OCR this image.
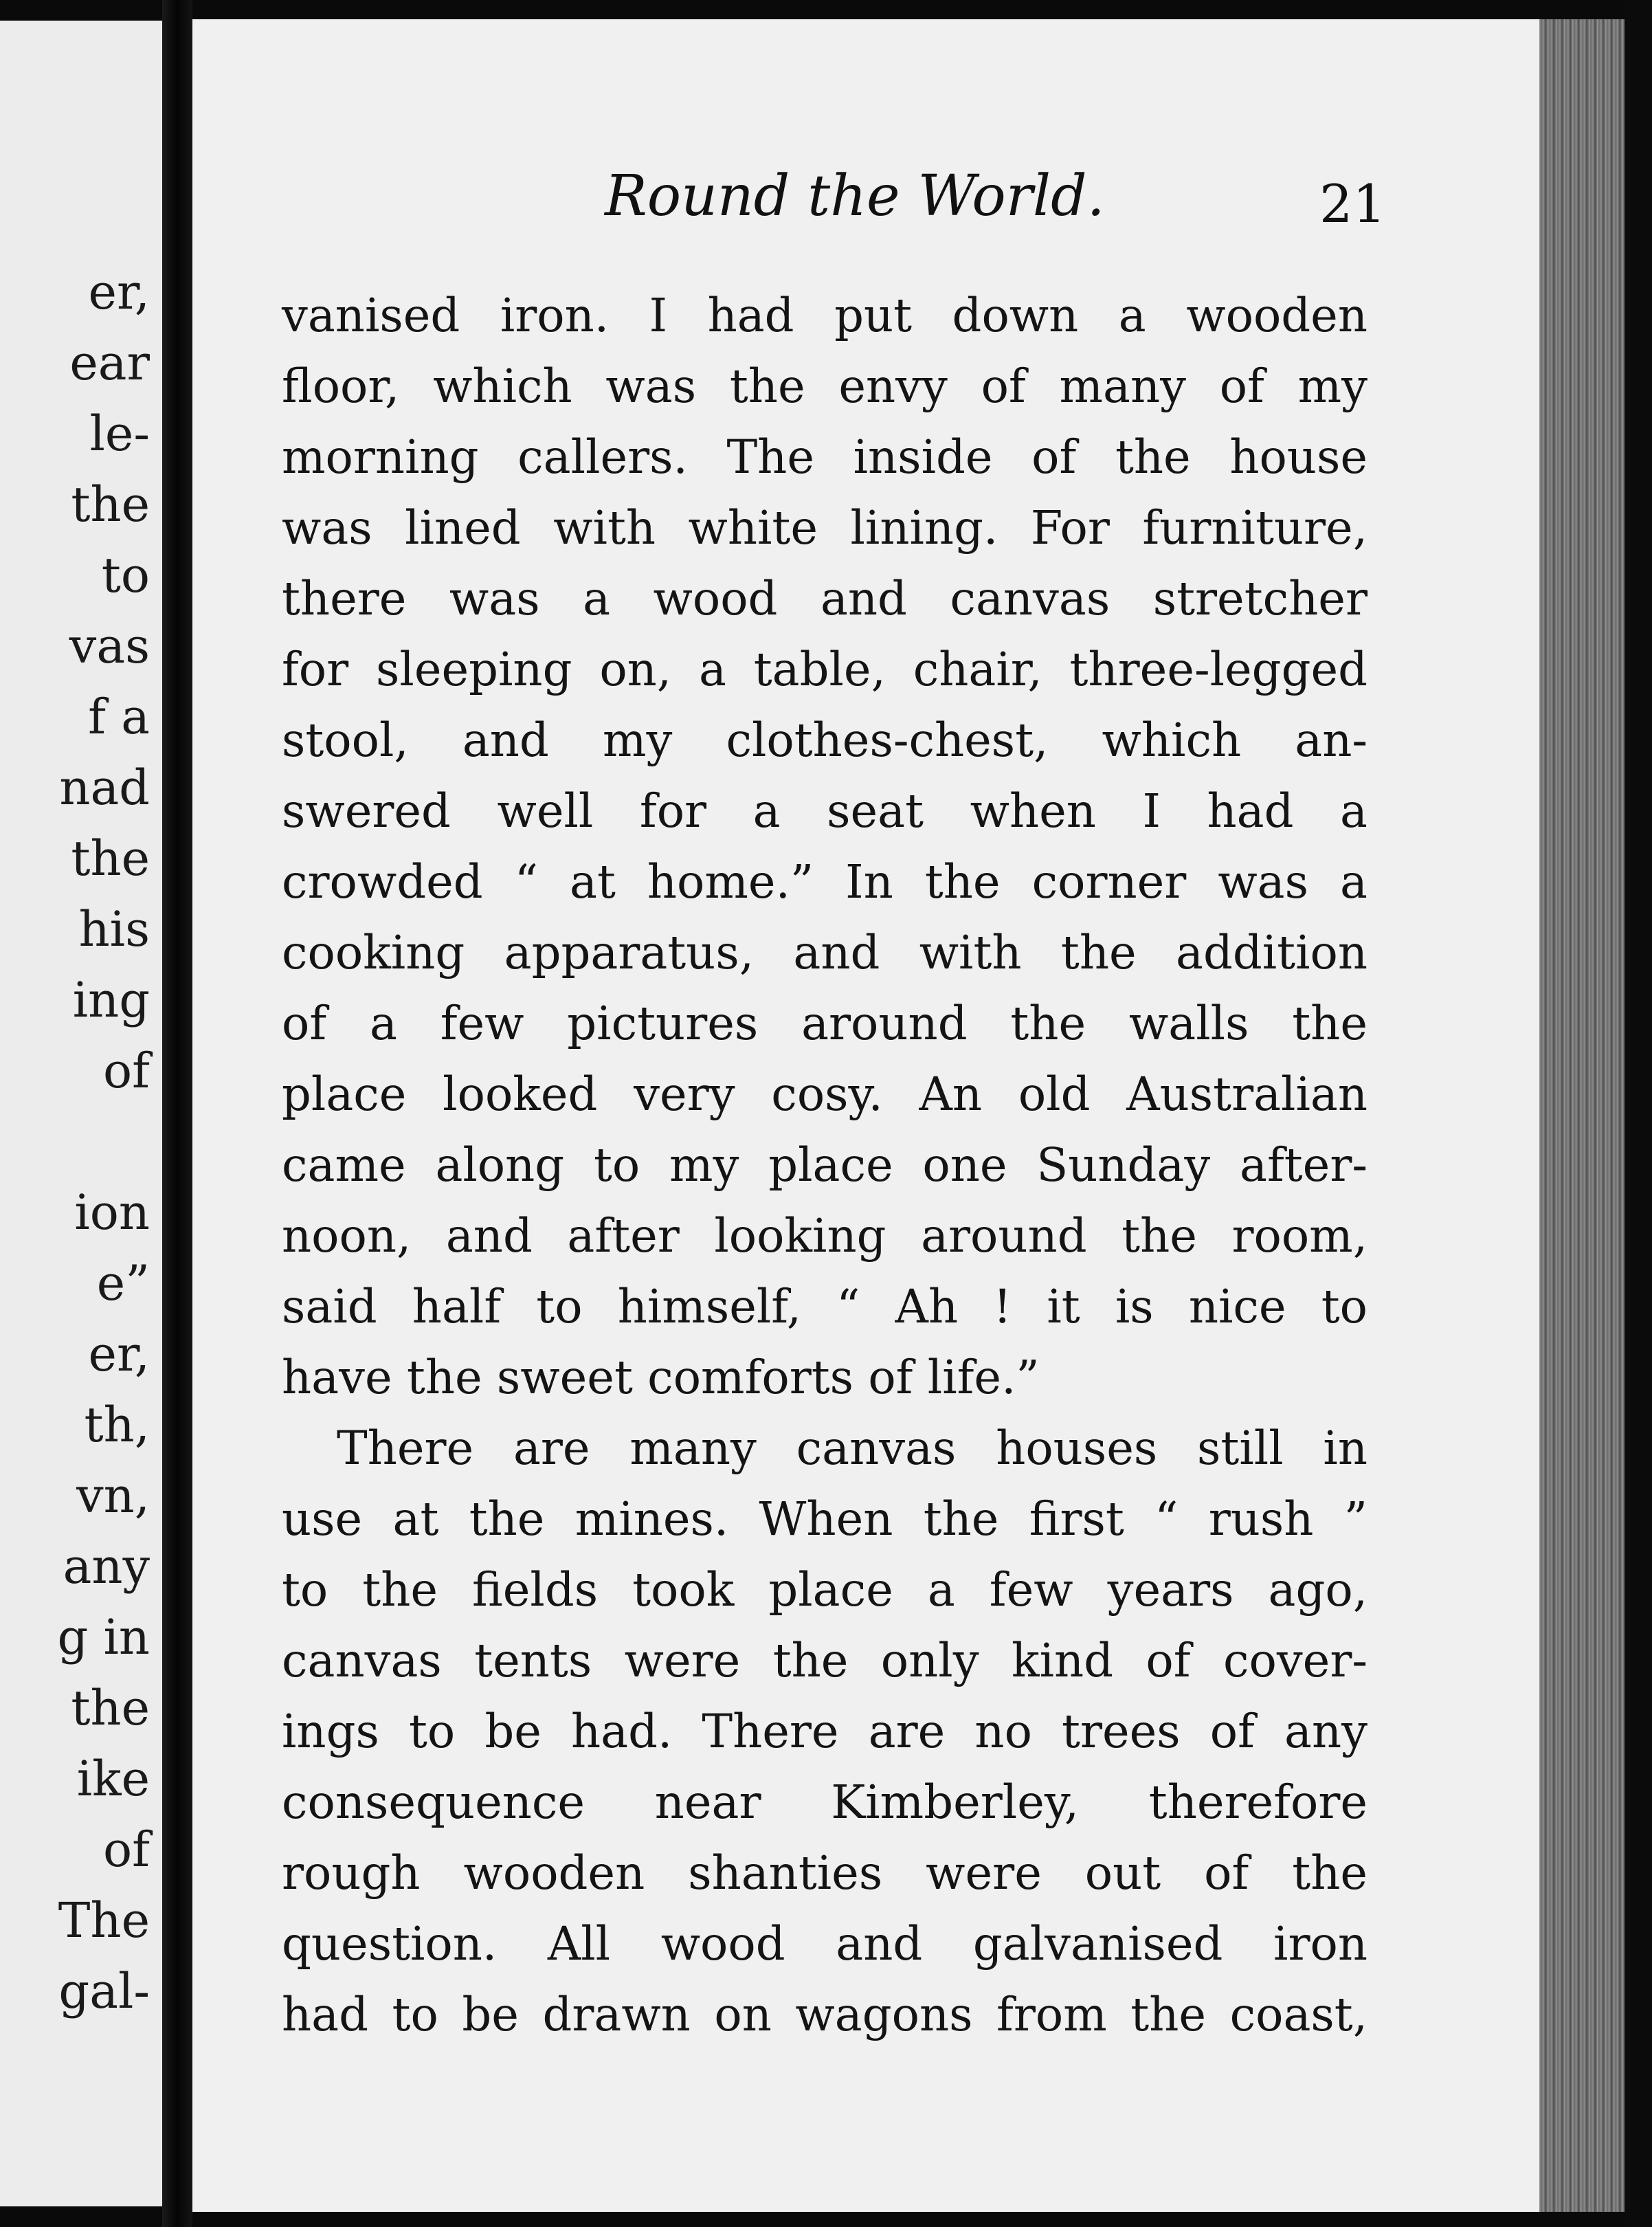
er,
ear
le-
the
to
vas
f a
nad
the
his
ing
of
ion
e”
er,
th,
vn,
any
g in
the
ike
of
The
gal-
Round the World.	21
vanised iron. I had put down a wooden
floor, which was the envy of many of my
morning callers. The inside of the house
was lined with white lining. For furniture,
there was a wood and canvas stretcher
for sleeping on, a table, chair, three-legged
stool, and my clothes-chest, which an-
swered well for a seat when I had a
crowded “ at home.” In the corner was a
cooking apparatus, and with the addition
of a few pictures around the walls the
place looked very cosy. An old Australian
came along to my place one Sunday after-
noon, and after looking around the room,
said half to himself, “ Ah ! it is nice to
have the sweet comforts of life.”
There are many canvas houses still in
use at the mines. When the first “ rush ”
to the fields took place a few years ago,
canvas tents were the only kind of cover-
ings to be had. There are no trees of any
consequence near Kimberley, therefore
rough wooden shanties were out of the
question. All wood and galvanised iron
had to be drawn on wagons from the coast,
